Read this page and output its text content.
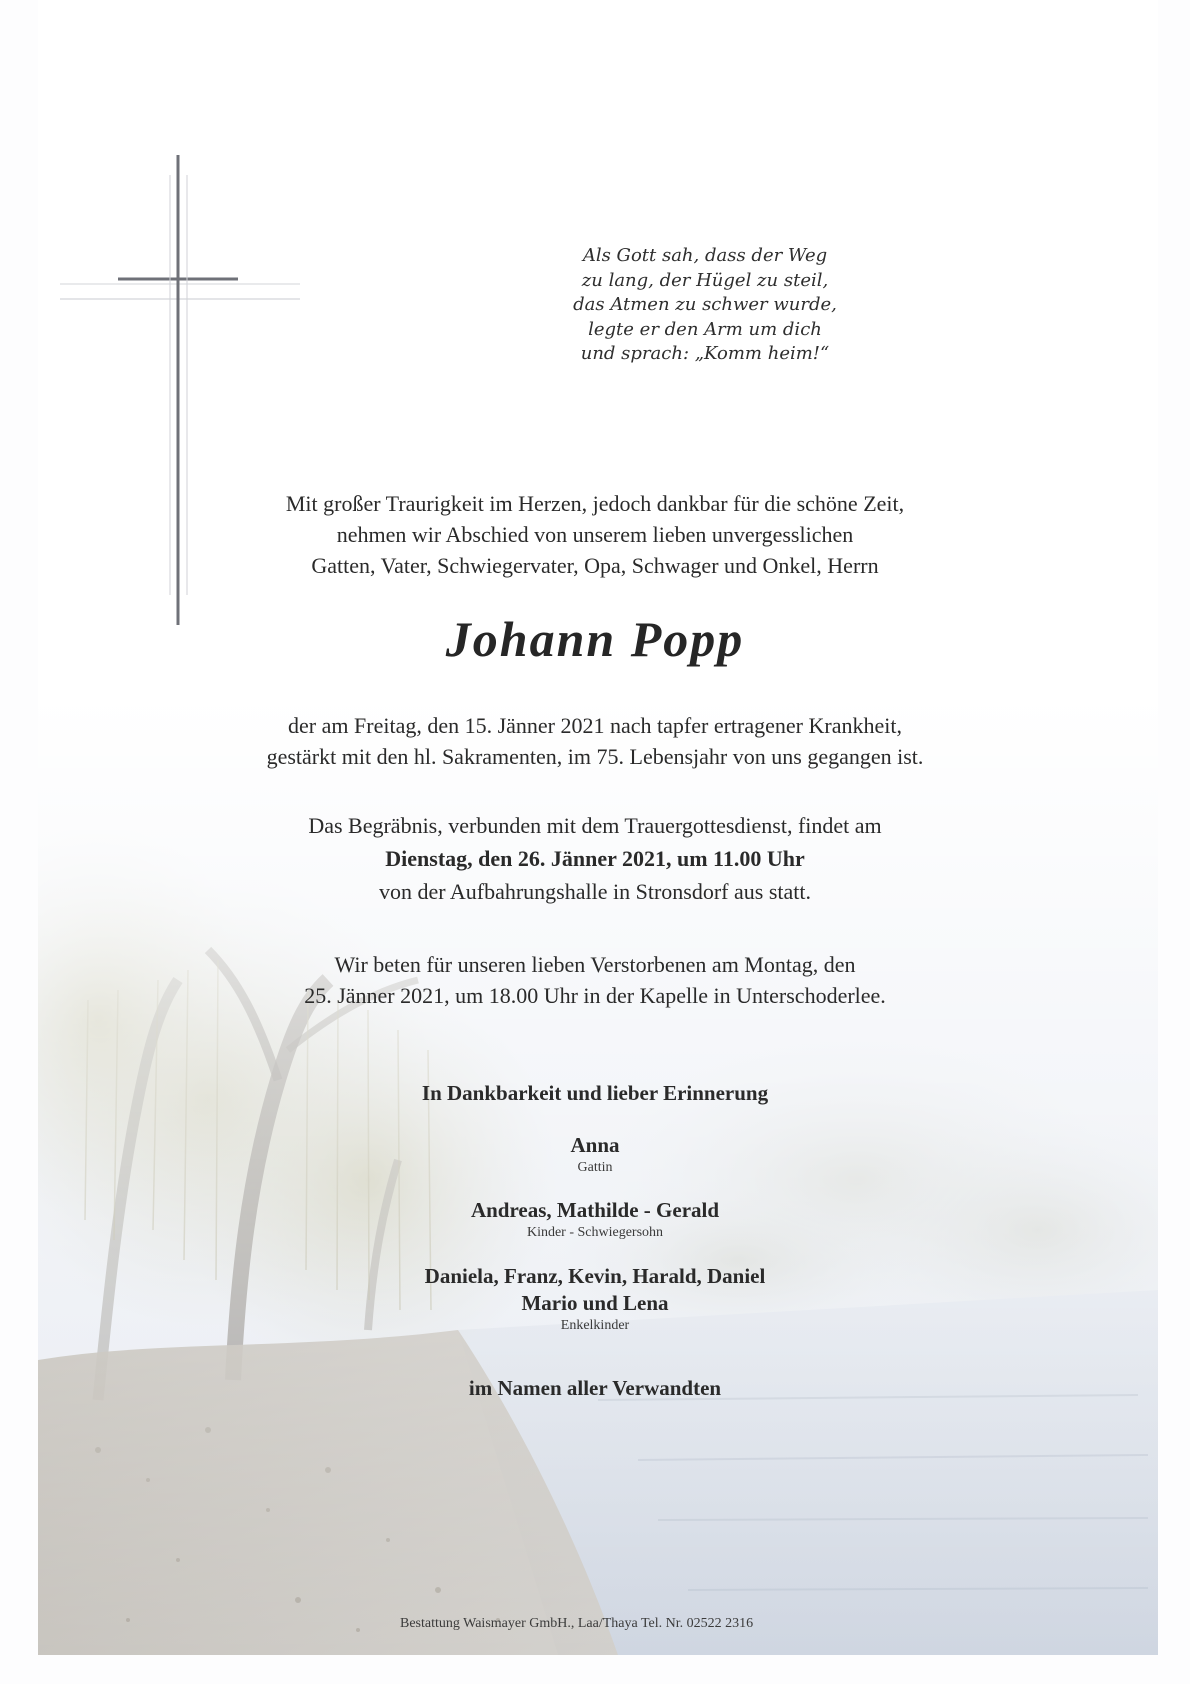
Als Gott sah, dass der Weg
zu lang, der Hügel zu steil,
das Atmen zu schwer wurde,
legte er den Arm um dich
und sprach: „Komm heim!“
Mit großer Traurigkeit im Herzen, jedoch dankbar für die schöne Zeit,
nehmen wir Abschied von unserem lieben unvergesslichen
Gatten, Vater, Schwiegervater, Opa, Schwager und Onkel, Herrn
Johann Popp
der am Freitag, den 15. Jänner 2021 nach tapfer ertragener Krankheit,
gestärkt mit den hl. Sakramenten, im 75. Lebensjahr von uns gegangen ist.
Das Begräbnis, verbunden mit dem Trauergottesdienst, findet am
Dienstag, den 26. Jänner 2021, um 11.00 Uhr
von der Aufbahrungshalle in Stronsdorf aus statt.
Wir beten für unseren lieben Verstorbenen am Montag, den
25. Jänner 2021, um 18.00 Uhr in der Kapelle in Unterschoderlee.
In Dankbarkeit und lieber Erinnerung
Anna
Gattin
Andreas, Mathilde - Gerald
Kinder - Schwiegersohn
Daniela, Franz, Kevin, Harald, Daniel
Mario und Lena
Enkelkinder
im Namen aller Verwandten
Bestattung Waismayer GmbH., Laa/Thaya Tel. Nr. 02522 2316
